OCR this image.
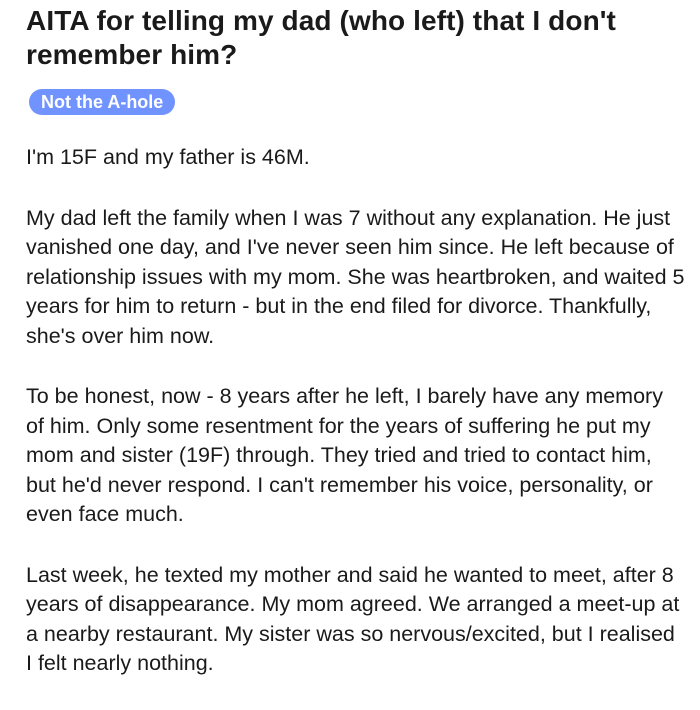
AITA for telling my dad (who left) that I don't remember him?
Not the A-hole

I'm 15F and my father is 46M.

My dad left the family when I was 7 without any explanation. He just vanished one day, and I've never seen him since. He left because of relationship issues with my mom. She was heartbroken, and waited 5 years for him to return - but in the end filed for divorce. Thankfully, she's over him now.

To be honest, now - 8 years after he left, I barely have any memory of him. Only some resentment for the years of suffering he put my mom and sister (19F) through. They tried and tried to contact him, but he'd never respond. I can't remember his voice, personality, or even face much.

Last week, he texted my mother and said he wanted to meet, after 8 years of disappearance. My mom agreed. We arranged a meet-up at a nearby restaurant. My sister was so nervous/excited, but I realised I felt nearly nothing.
